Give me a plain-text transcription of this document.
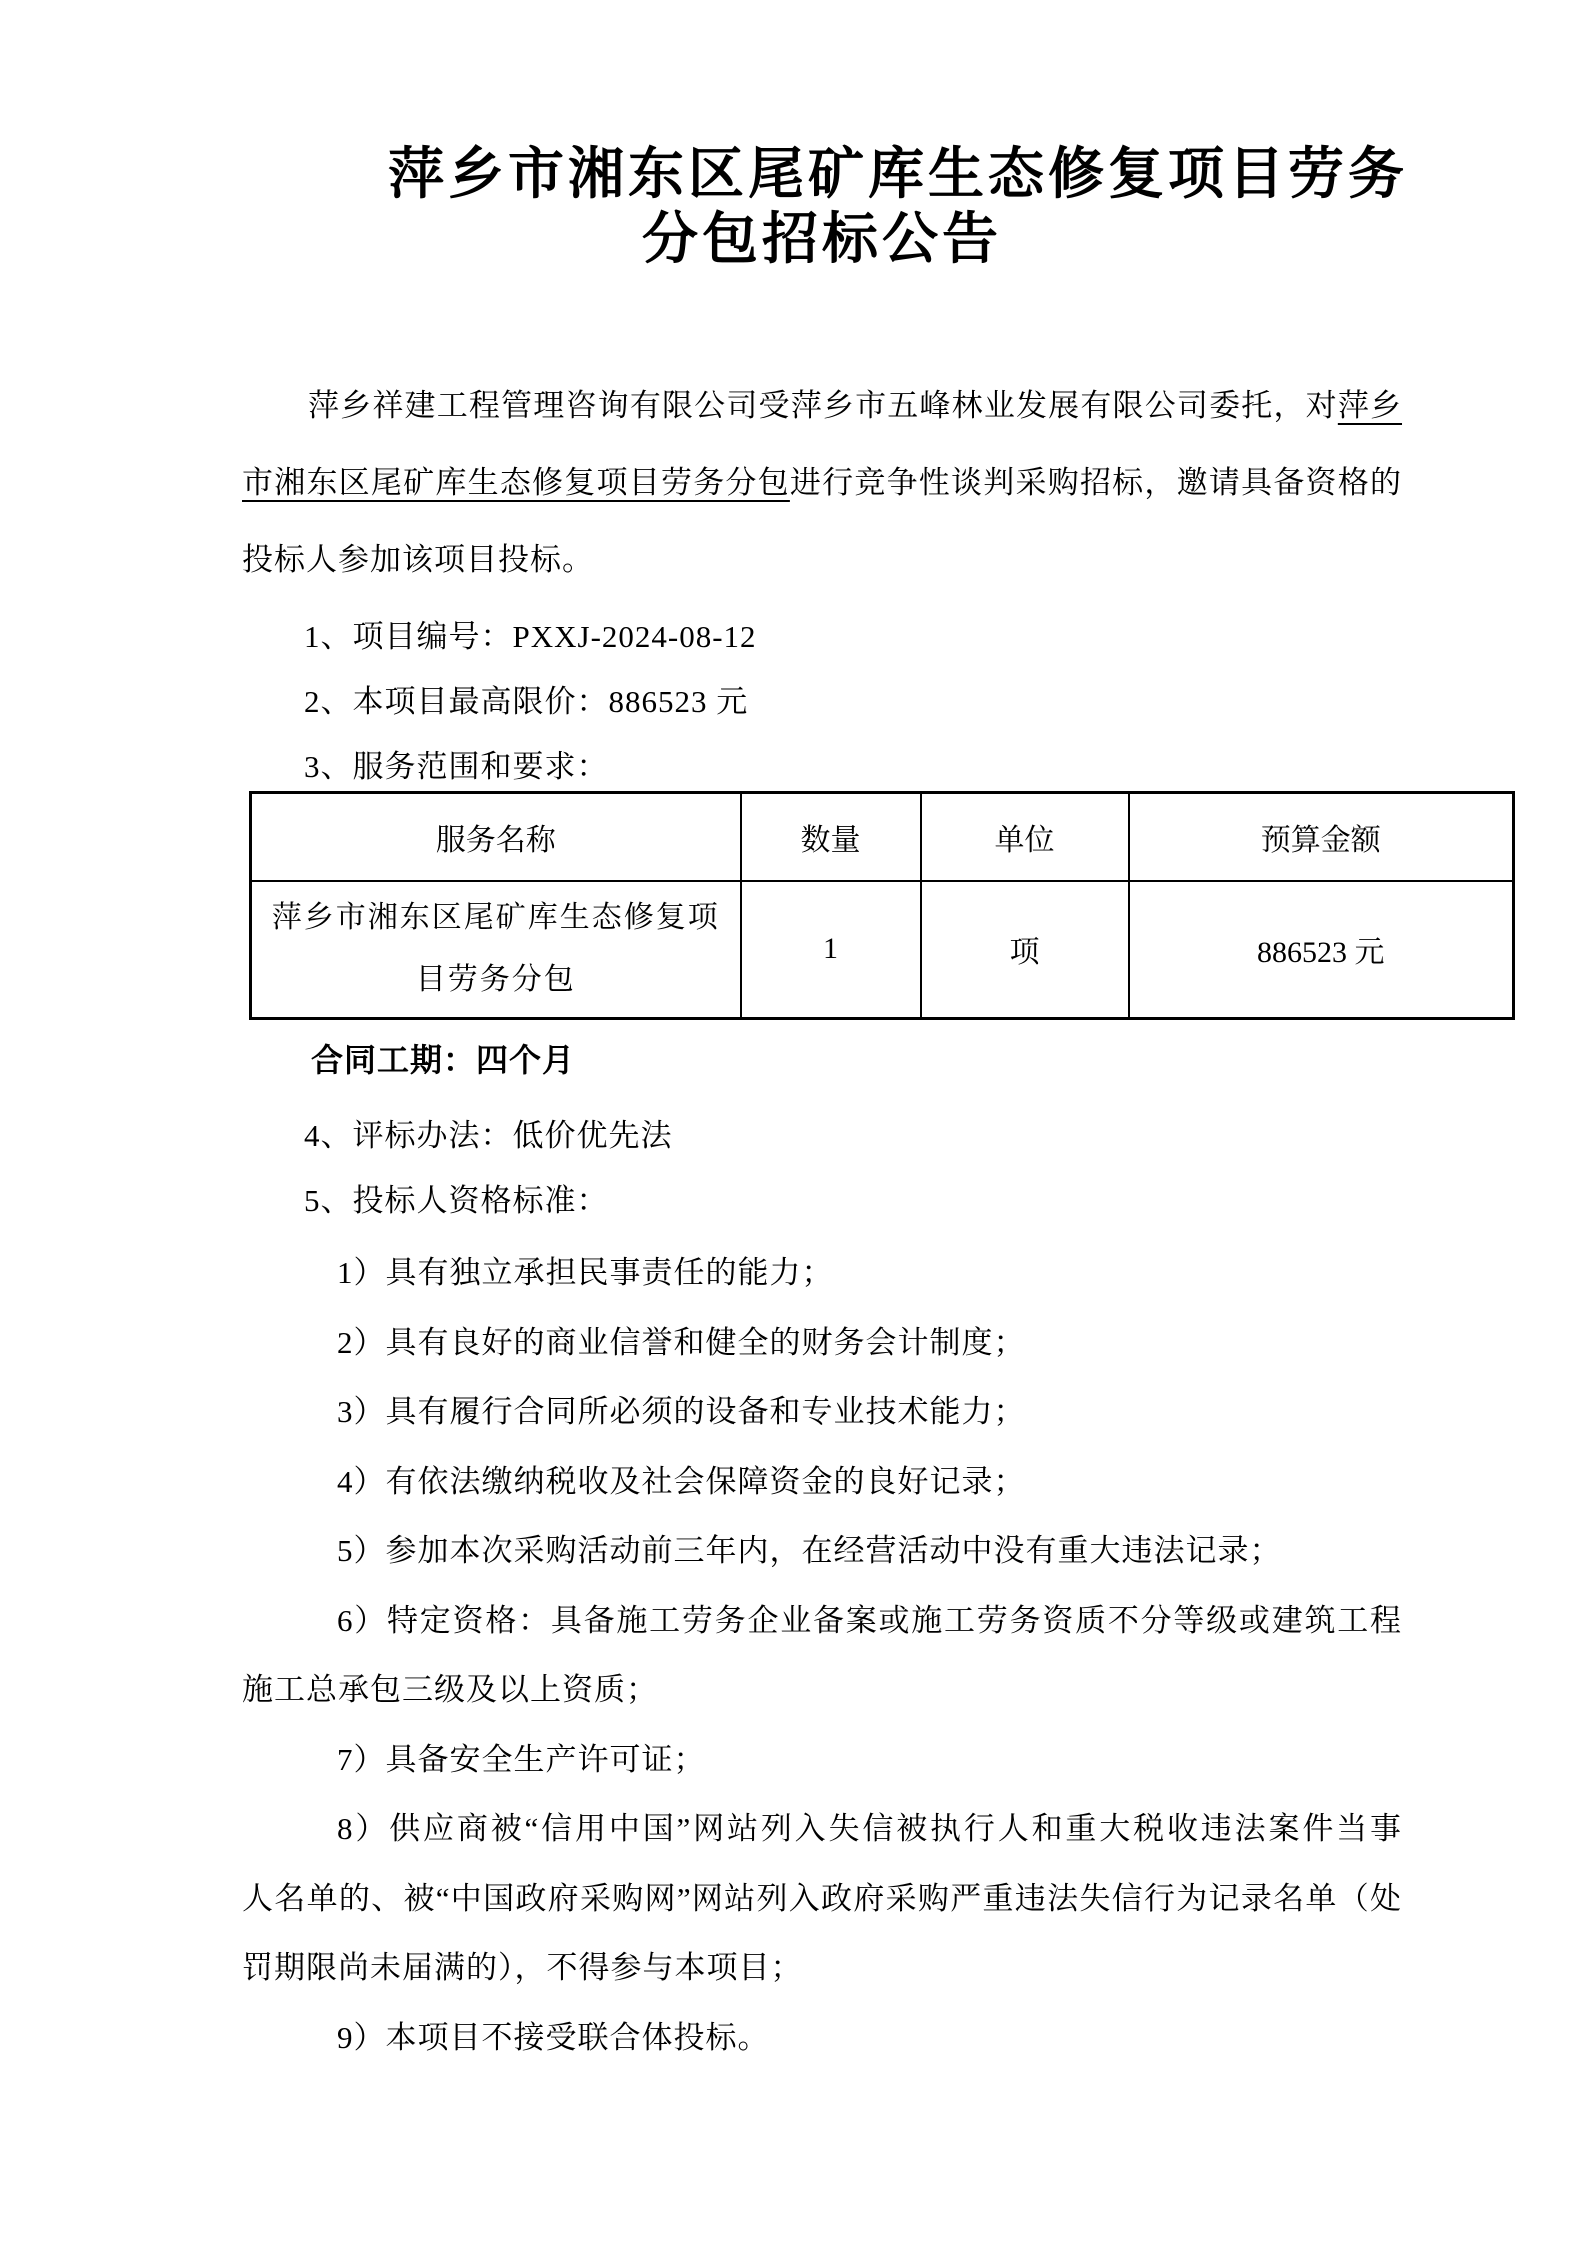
萍乡市湘东区尾矿库生态修复项目劳务
分包招标公告
萍乡祥建工程管理咨询有限公司受萍乡市五峰林业发展有限公司委托，对萍乡
市湘东区尾矿库生态修复项目劳务分包进行竞争性谈判采购招标，邀请具备资格的
投标人参加该项目投标。
1、项目编号：PXXJ-2024-08-12
2、本项目最高限价：886523 元
3、服务范围和要求：
服务名称	数量	单位	预算金额
萍乡市湘东区尾矿库生态修复项目劳务分包	1	项	886523 元
合同工期：四个月
4、评标办法：低价优先法
5、投标人资格标准：
1）具有独立承担民事责任的能力；
2）具有良好的商业信誉和健全的财务会计制度；
3）具有履行合同所必须的设备和专业技术能力；
4）有依法缴纳税收及社会保障资金的良好记录；
5）参加本次采购活动前三年内，在经营活动中没有重大违法记录；
6）特定资格：具备施工劳务企业备案或施工劳务资质不分等级或建筑工程
施工总承包三级及以上资质；
7）具备安全生产许可证；
8）供应商被“信用中国”网站列入失信被执行人和重大税收违法案件当事
人名单的、被“中国政府采购网”网站列入政府采购严重违法失信行为记录名单（处
罚期限尚未届满的），不得参与本项目；
9）本项目不接受联合体投标。
